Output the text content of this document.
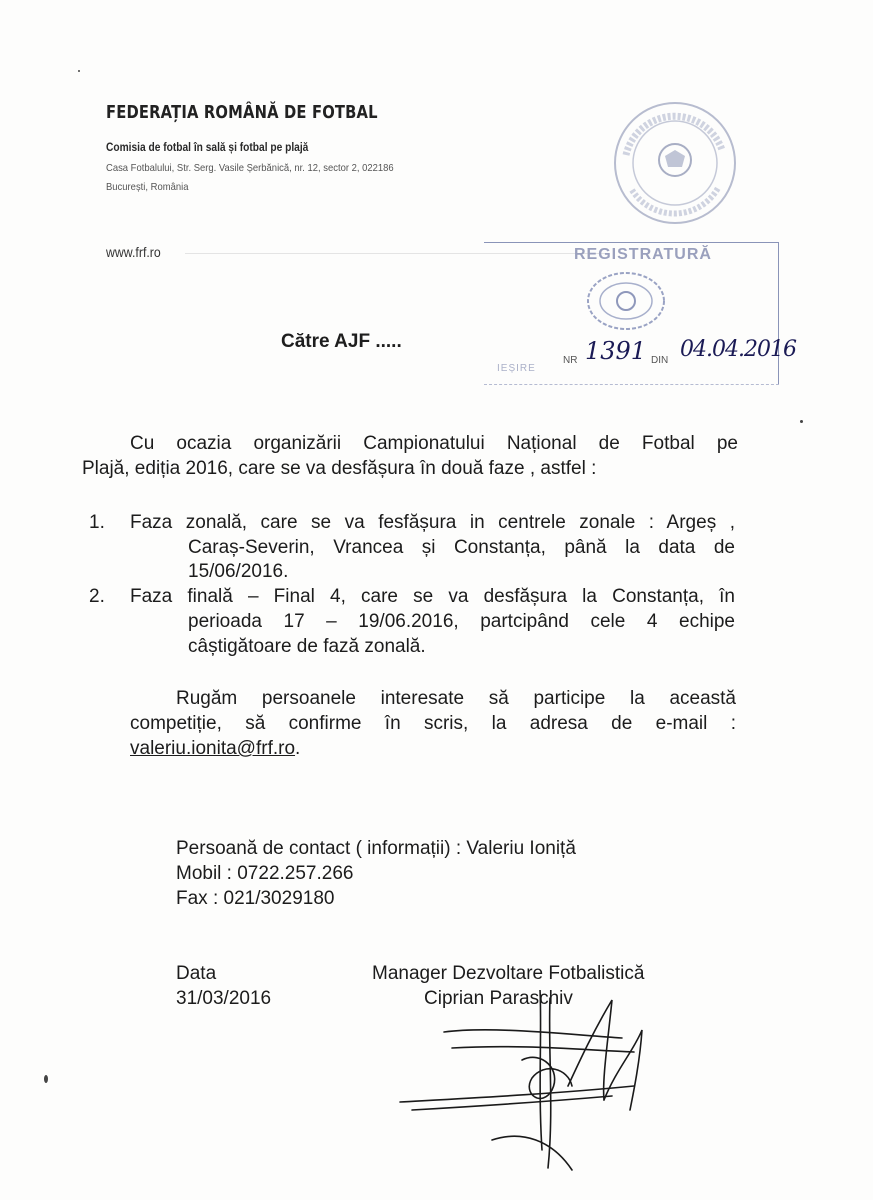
FEDERAȚIA ROMÂNĂ DE FOTBAL
Comisia de fotbal în sală și fotbal pe plajă
Casa Fotbalului, Str. Serg. Vasile Șerbănică, nr. 12, sector 2, 022186
București, România
www.frf.ro	REGISTRATURĂ
NR 1391 DIN 04.04.2016
IEȘIRE
Către AJF .....
Cu ocazia organizării Campionatului Național de Fotbal pe
Plajă, ediția 2016, care se va desfășura în două faze , astfel :
1. Faza zonală, care se va fesfășura in centrele zonale : Argeș ,
Caraș-Severin, Vrancea și Constanța, până la data de
15/06/2016.
2. Faza finală – Final 4, care se va desfășura la Constanța, în
perioada 17 – 19/06.2016, partcipând cele 4 echipe
câștigătoare de fază zonală.
Rugăm persoanele interesate să participe la această
competiție, să confirme în scris, la adresa de e-mail :
valeriu.ionita@frf.ro.
Persoană de contact ( informații) : Valeriu Ioniță
Mobil : 0722.257.266
Fax : 021/3029180
Data
31/03/2016
Manager Dezvoltare Fotbalistică
Ciprian Paraschiv
